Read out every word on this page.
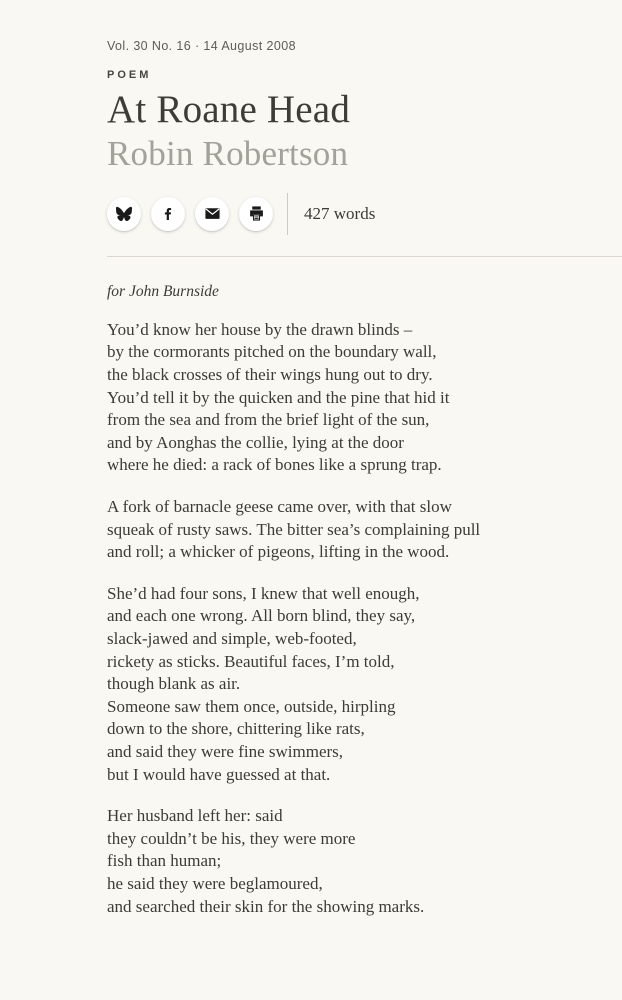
Vol. 30 No. 16 · 14 August 2008
POEM
At Roane Head
Robin Robertson
427 words

for John Burnside

You’d know her house by the drawn blinds –
by the cormorants pitched on the boundary wall,
the black crosses of their wings hung out to dry.
You’d tell it by the quicken and the pine that hid it
from the sea and from the brief light of the sun,
and by Aonghas the collie, lying at the door
where he died: a rack of bones like a sprung trap.

A fork of barnacle geese came over, with that slow
squeak of rusty saws. The bitter sea’s complaining pull
and roll; a whicker of pigeons, lifting in the wood.

She’d had four sons, I knew that well enough,
and each one wrong. All born blind, they say,
slack-jawed and simple, web-footed,
rickety as sticks. Beautiful faces, I’m told,
though blank as air.
Someone saw them once, outside, hirpling
down to the shore, chittering like rats,
and said they were fine swimmers,
but I would have guessed at that.

Her husband left her: said
they couldn’t be his, they were more
fish than human;
he said they were beglamoured,
and searched their skin for the showing marks.
